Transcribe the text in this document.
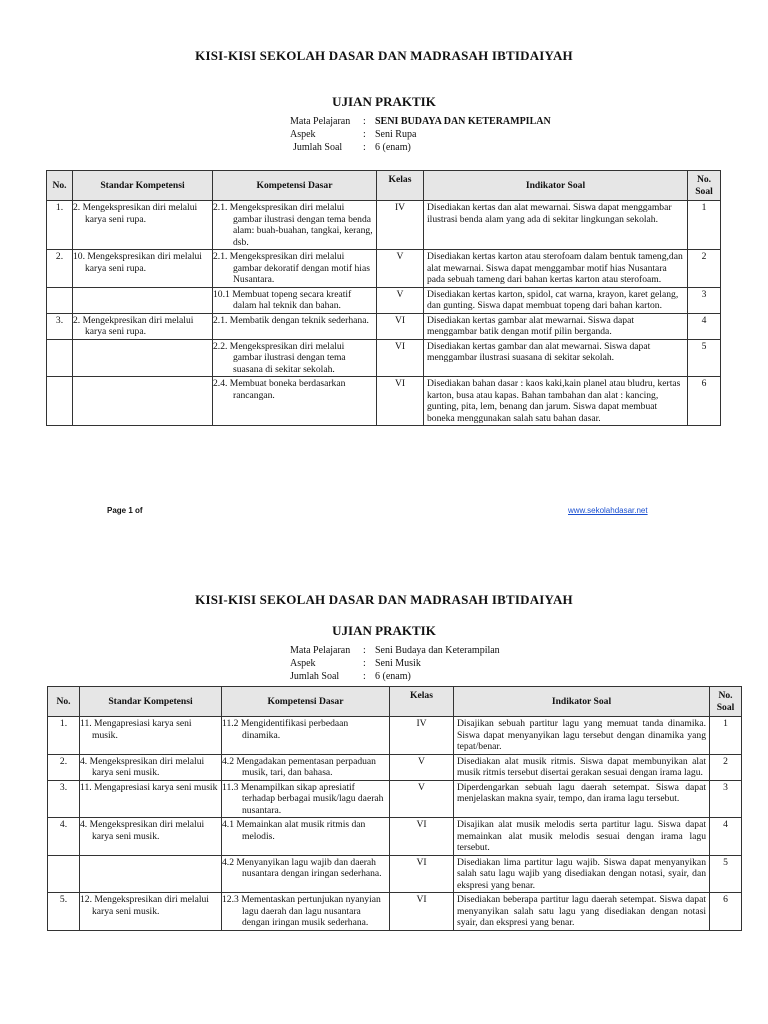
KISI-KISI SEKOLAH DASAR DAN MADRASAH IBTIDAIYAH

UJIAN PRAKTIK

Mata Pelajaran	: SENI BUDAYA DAN KETERAMPILAN
Aspek	: Seni Rupa
Jumlah Soal	: 6 (enam)
No.	Standar Kompetensi	Kompetensi Dasar	Kelas	Indikator Soal	No. Soal
1.	2. Mengekspresikan diri melalui karya seni rupa.	2.1. Mengekspresikan diri melalui gambar ilustrasi dengan tema benda alam: buah-buahan, tangkai, kerang, dsb.	IV	Disediakan kertas dan alat mewarnai. Siswa dapat menggambar ilustrasi benda alam yang ada di sekitar lingkungan sekolah.	1
2.	10. Mengekspresikan diri melalui karya seni rupa.	2.1. Mengekspresikan diri melalui gambar dekoratif dengan motif hias Nusantara.	V	Disediakan kertas karton atau sterofoam dalam bentuk tameng,dan alat mewarnai. Siswa dapat menggambar motif hias Nusantara pada sebuah tameng dari bahan kertas karton atau sterofoam.	2
		10.1 Membuat topeng secara kreatif dalam hal teknik dan bahan.	V	Disediakan kertas karton, spidol, cat warna, krayon, karet gelang, dan gunting. Siswa dapat membuat topeng dari bahan karton.	3
3.	2. Mengekpresikan diri melalui karya seni rupa.	2.1. Membatik dengan teknik sederhana.	VI	Disediakan kertas gambar alat mewarnai. Siswa dapat menggambar batik dengan motif pilin berganda.	4
		2.2. Mengekspresikan diri melalui gambar ilustrasi dengan tema suasana di sekitar sekolah.	VI	Disediakan kertas gambar dan alat mewarnai. Siswa dapat menggambar ilustrasi suasana di sekitar sekolah.	5
		2.4. Membuat boneka berdasarkan rancangan.	VI	Disediakan bahan dasar : kaos kaki,kain planel atau bludru, kertas karton, busa atau kapas. Bahan tambahan dan alat : kancing, gunting, pita, lem, benang dan jarum. Siswa dapat membuat boneka menggunakan salah satu bahan dasar.	6
Page 1 of	www.sekolahdasar.net

KISI-KISI SEKOLAH DASAR DAN MADRASAH IBTIDAIYAH

UJIAN PRAKTIK

Mata Pelajaran	: Seni Budaya dan Keterampilan
Aspek	: Seni Musik
Jumlah Soal	: 6 (enam)
No.	Standar Kompetensi	Kompetensi Dasar	Kelas	Indikator Soal	No. Soal
1.	11. Mengapresiasi karya seni musik.	11.2 Mengidentifikasi perbedaan dinamika.	IV	Disajikan sebuah partitur lagu yang memuat tanda dinamika. Siswa dapat menyanyikan lagu tersebut dengan dinamika yang tepat/benar.	1
2.	4. Mengekspresikan diri melalui karya seni musik.	4.2 Mengadakan pementasan perpaduan musik, tari, dan bahasa.	V	Disediakan alat musik ritmis. Siswa dapat membunyikan alat musik ritmis tersebut disertai gerakan sesuai dengan irama lagu.	2
3.	11. Mengapresiasi karya seni musik	11.3 Menampilkan sikap apresiatif terhadap berbagai musik/lagu daerah nusantara.	V	Diperdengarkan sebuah lagu daerah setempat. Siswa dapat menjelaskan makna syair, tempo, dan irama lagu tersebut.	3
4.	4. Mengekspresikan diri melalui karya seni musik.	4.1 Memainkan alat musik ritmis dan melodis.	VI	Disajikan alat musik melodis serta partitur lagu. Siswa dapat memainkan alat musik melodis sesuai dengan irama lagu tersebut.	4
		4.2 Menyanyikan lagu wajib dan daerah nusantara dengan iringan sederhana.	VI	Disediakan lima partitur lagu wajib. Siswa dapat menyanyikan salah satu lagu wajib yang disediakan dengan notasi, syair, dan ekspresi yang benar.	5
5.	12. Mengekspresikan diri melalui karya seni musik.	12.3 Mementaskan pertunjukan nyanyian lagu daerah dan lagu nusantara dengan iringan musik sederhana.	VI	Disediakan beberapa partitur lagu daerah setempat. Siswa dapat menyanyikan salah satu lagu yang disediakan dengan notasi syair, dan ekspresi yang benar.	6
